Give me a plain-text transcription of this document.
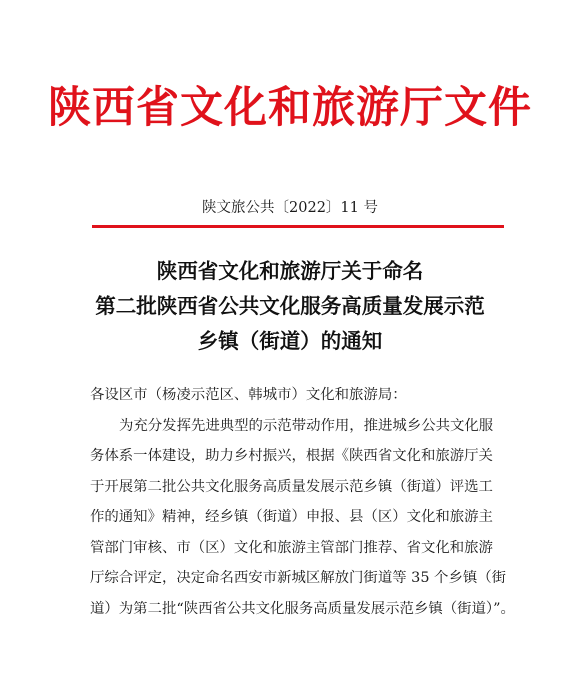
陕西省文化和旅游厅文件
陕文旅公共〔2022〕11 号
陕西省文化和旅游厅关于命名
第二批陕西省公共文化服务高质量发展示范
乡镇（街道）的通知
各设区市（杨凌示范区、韩城市）文化和旅游局：
为充分发挥先进典型的示范带动作用，推进城乡公共文化服
务体系一体建设，助力乡村振兴，根据《陕西省文化和旅游厅关
于开展第二批公共文化服务高质量发展示范乡镇（街道）评选工
作的通知》精神，经乡镇（街道）申报、县（区）文化和旅游主
管部门审核、市（区）文化和旅游主管部门推荐、省文化和旅游
厅综合评定，决定命名西安市新城区解放门街道等 35 个乡镇（街
道）为第二批“陕西省公共文化服务高质量发展示范乡镇（街道）”。
